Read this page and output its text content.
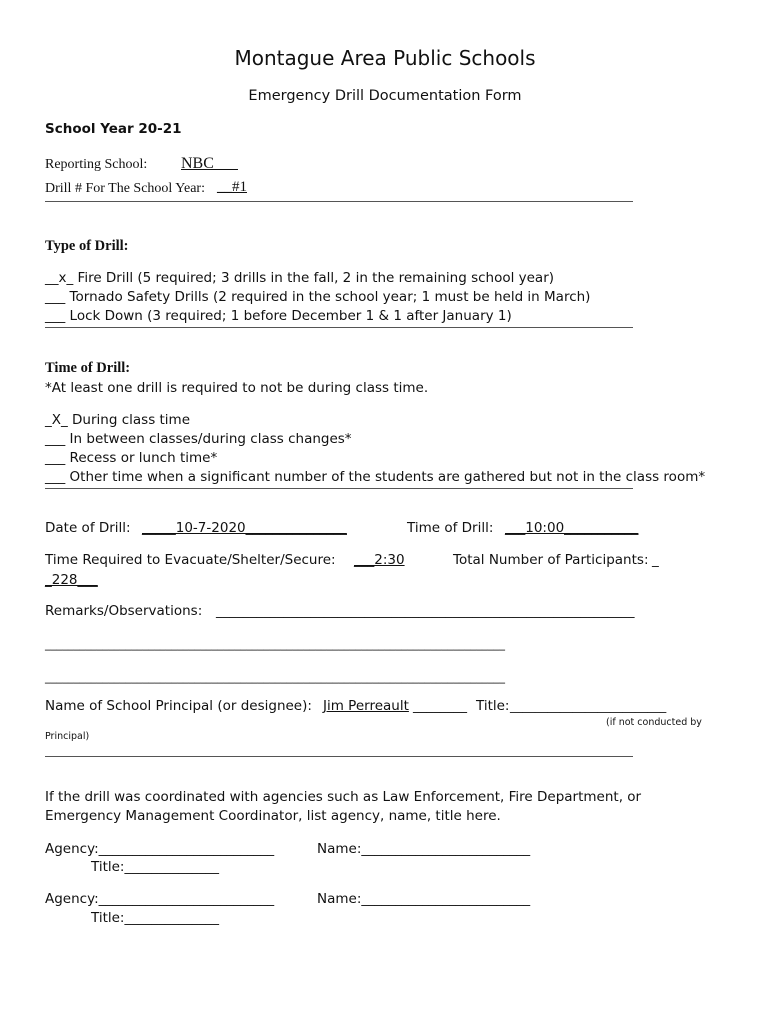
Montague Area Public Schools
Emergency Drill Documentation Form
School Year 20-21
Reporting School: NBC___
Drill # For The School Year: __#1
Type of Drill:
__x_ Fire Drill (5 required; 3 drills in the fall, 2 in the remaining school year)
___ Tornado Safety Drills (2 required in the school year; 1 must be held in March)
___ Lock Down (3 required; 1 before December 1 & 1 after January 1)
Time of Drill:
*At least one drill is required to not be during class time.
_X_ During class time
___ In between classes/during class changes*
___ Recess or lunch time*
___ Other time when a significant number of the students are gathered but not in the class room*
Date of Drill: _____10-7-2020_______________	Time of Drill: ___10:00___________
Time Required to Evacuate/Shelter/Secure: ___2:30	Total Number of Participants: _
_228___
Remarks/Observations: ______________________________________________________________
________________________________________________________________________________
________________________________________________________________________________
Name of School Principal (or designee): Jim Perreault ________ Title: _________________________
(if not conducted by
Principal)
If the drill was coordinated with agencies such as Law Enforcement, Fire Department, or
Emergency Management Coordinator, list agency, name, title here.
Agency:__________________________	Name:_________________________
Title:______________
Agency:__________________________	Name:_________________________
Title:______________
